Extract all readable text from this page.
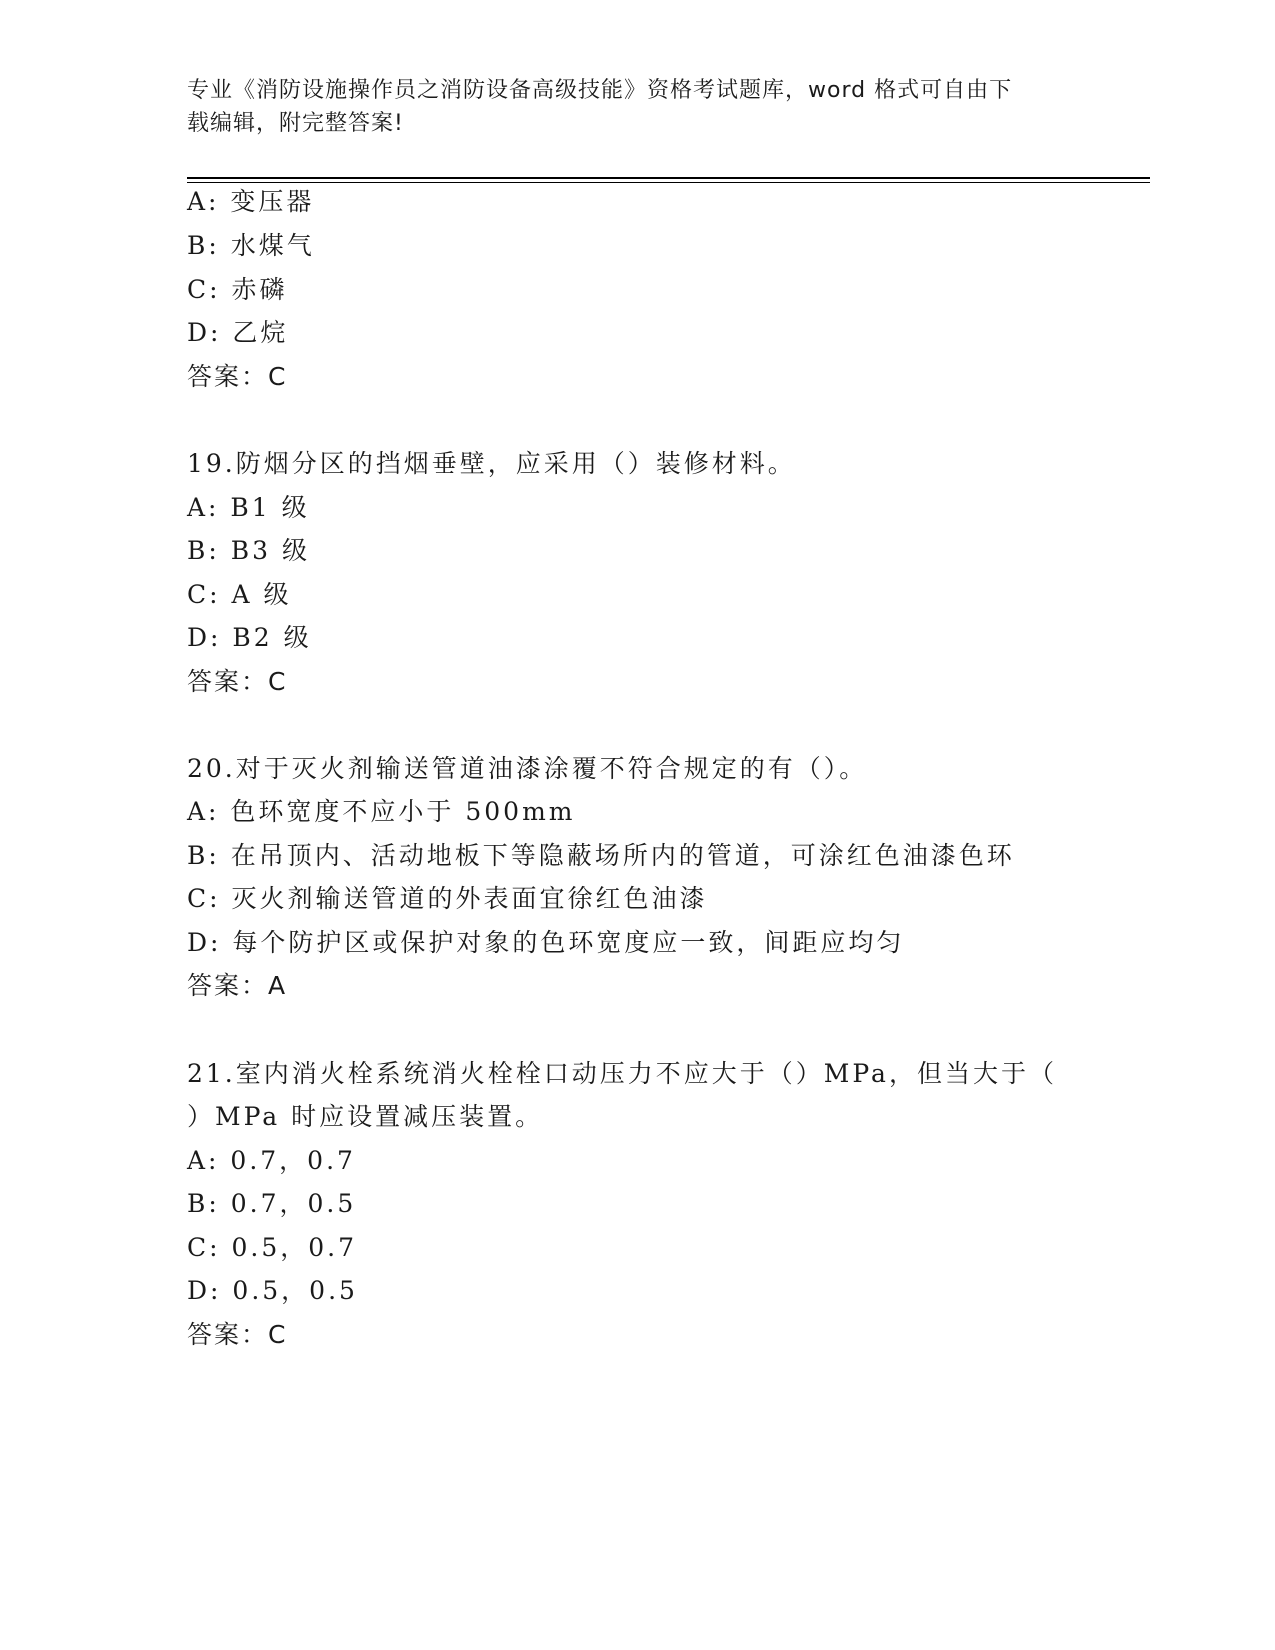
专业《消防设施操作员之消防设备高级技能》资格考试题库，word 格式可自由下
载编辑，附完整答案!
A: 变压器
B: 水煤气
C: 赤磷
D: 乙烷
答案：C
19.防烟分区的挡烟垂壁，应采用（）装修材料。
A: B1 级
B: B3 级
C: A 级
D: B2 级
答案：C
20.对于灭火剂输送管道油漆涂覆不符合规定的有（）。
A: 色环宽度不应小于 500mm
B: 在吊顶内、活动地板下等隐蔽场所内的管道，可涂红色油漆色环
C: 灭火剂输送管道的外表面宜徐红色油漆
D: 每个防护区或保护对象的色环宽度应一致，间距应均匀
答案：A
21.室内消火栓系统消火栓栓口动压力不应大于（）MPa，但当大于（
）MPa 时应设置减压装置。
A: 0.7，0.7
B: 0.7，0.5
C: 0.5，0.7
D: 0.5，0.5
答案：C
